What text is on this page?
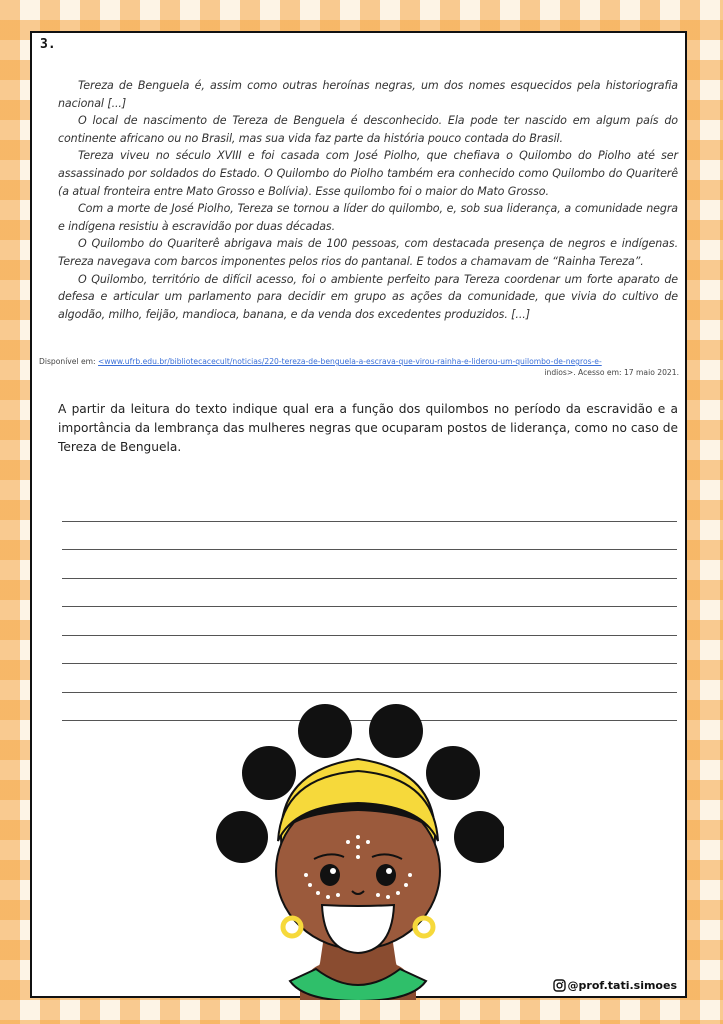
3.

Tereza de Benguela é, assim como outras heroínas negras, um dos nomes esquecidos pela historiografia nacional [...]

O local de nascimento de Tereza de Benguela é desconhecido. Ela pode ter nascido em algum país do continente africano ou no Brasil, mas sua vida faz parte da história pouco contada do Brasil.

Tereza viveu no século XVIII e foi casada com José Piolho, que chefiava o Quilombo do Piolho até ser assassinado por soldados do Estado. O Quilombo do Piolho também era conhecido como Quilombo do Quariterê (a atual fronteira entre Mato Grosso e Bolívia). Esse quilombo foi o maior do Mato Grosso.

Com a morte de José Piolho, Tereza se tornou a líder do quilombo, e, sob sua liderança, a comunidade negra e indígena resistiu à escravidão por duas décadas.

O Quilombo do Quariterê abrigava mais de 100 pessoas, com destacada presença de negros e indígenas. Tereza navegava com barcos imponentes pelos rios do pantanal. E todos a chamavam de “Rainha Tereza”.

O Quilombo, território de difícil acesso, foi o ambiente perfeito para Tereza coordenar um forte aparato de defesa e articular um parlamento para decidir em grupo as ações da comunidade, que vivia do cultivo de algodão, milho, feijão, mandioca, banana, e da venda dos excedentes produzidos. [...]

Disponível em: <www.ufrb.edu.br/bibliotecacecult/noticias/220-tereza-de-benguela-a-escrava-que-virou-rainha-e-liderou-um-quilombo-de-negros-e-
indios>. Acesso em: 17 maio 2021.
A partir da leitura do texto indique qual era a função dos quilombos no período da escravidão e a importância da lembrança das mulheres negras que ocuparam postos de liderança, como no caso de Tereza de Benguela.
@prof.tati.simoes
